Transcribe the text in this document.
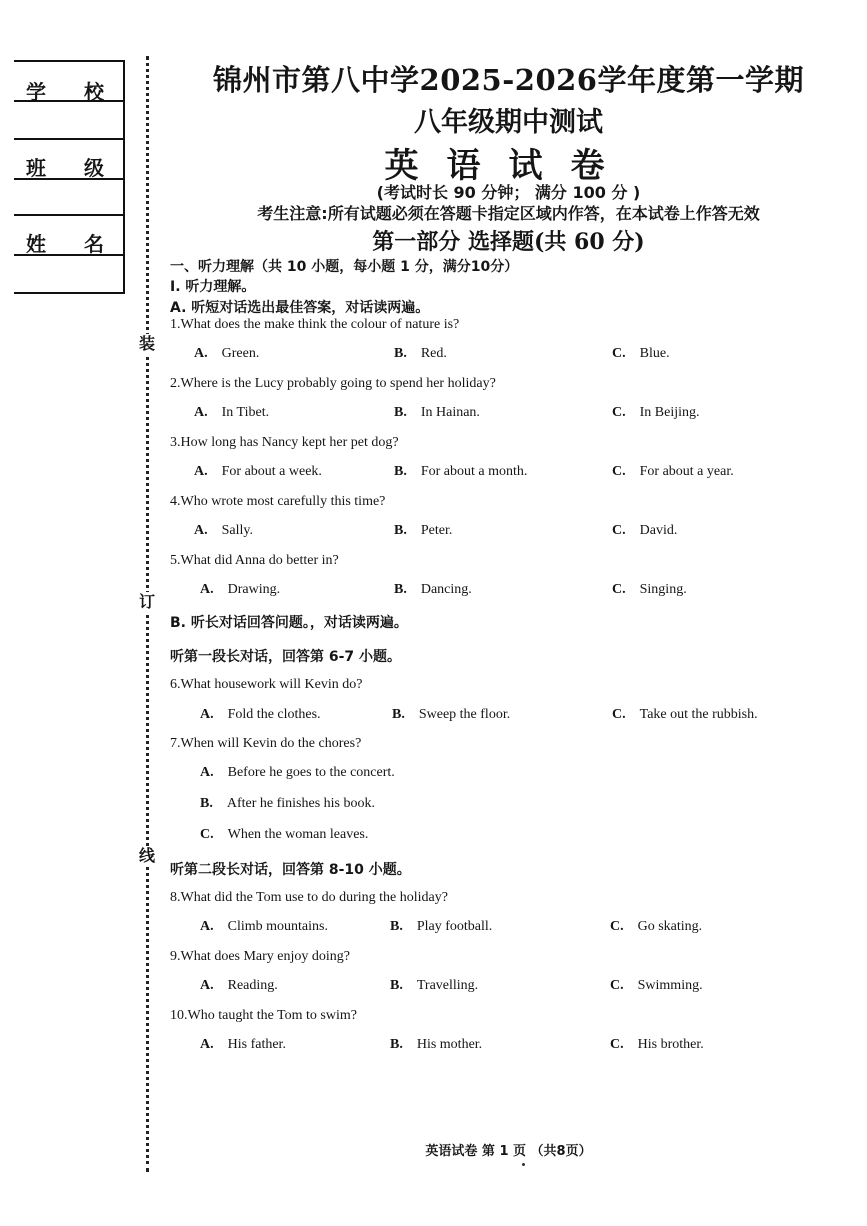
学 校
班 级
姓 名
装
订
线
锦州市第八中学2025-2026学年度第一学期
八年级期中测试
英语试卷
(考试时长 90 分钟； 满分 100 分 )
考生注意:所有试题必须在答题卡指定区域内作答，在本试卷上作答无效
第一部分 选择题(共 60 分)
一、听力理解（共 10 小题，每小题 1 分，满分10分）
I. 听力理解。
A. 听短对话选出最佳答案，对话读两遍。
B. 听长对话回答问题。，对话读两遍。
听第一段长对话，回答第 6-7 小题。
听第二段长对话，回答第 8-10 小题。
1.What does the make think the colour of nature is?
A. Green.	B. Red.	C. Blue.
2.Where is the Lucy probably going to spend her holiday?
A. In Tibet.	B. In Hainan.	C. In Beijing.
3.How long has Nancy kept her pet dog?
A. For about a week.	B. For about a month.	C. For about a year.
4.Who wrote most carefully this time?
A. Sally.	B. Peter.	C. David.
5.What did Anna do better in?
A. Drawing.	B. Dancing.	C. Singing.
6.What housework will Kevin do?
A. Fold the clothes.	B. Sweep the floor.	C. Take out the rubbish.
7.When will Kevin do the chores?
A. Before he goes to the concert.
B. After he finishes his book.
C. When the woman leaves.
8.What did the Tom use to do during the holiday?
A. Climb mountains.	B. Play football.	C. Go skating.
9.What does Mary enjoy doing?
A. Reading.	B. Travelling.	C. Swimming.
10.Who taught the Tom to swim?
A. His father.	B. His mother.	C. His brother.
英语试卷 第 1 页 （共8页）
